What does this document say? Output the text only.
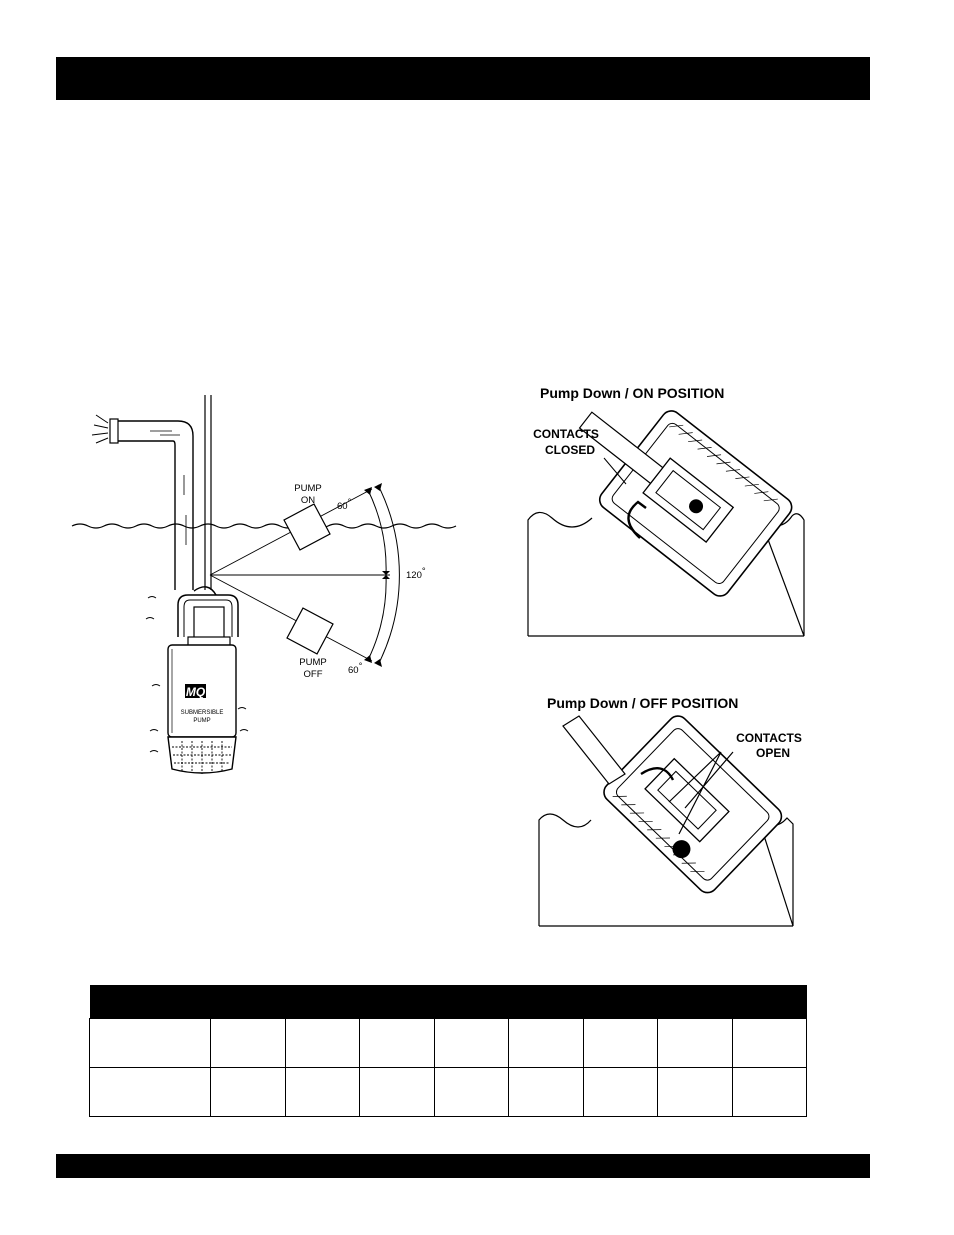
PUMP
ON
PUMP
OFF
60°
120°
60°
MQ
SUBMERSIBLE
PUMP
Pump Down / ON POSITION
CONTACTS
CLOSED
Pump Down / OFF POSITION
CONTACTS
OPEN
